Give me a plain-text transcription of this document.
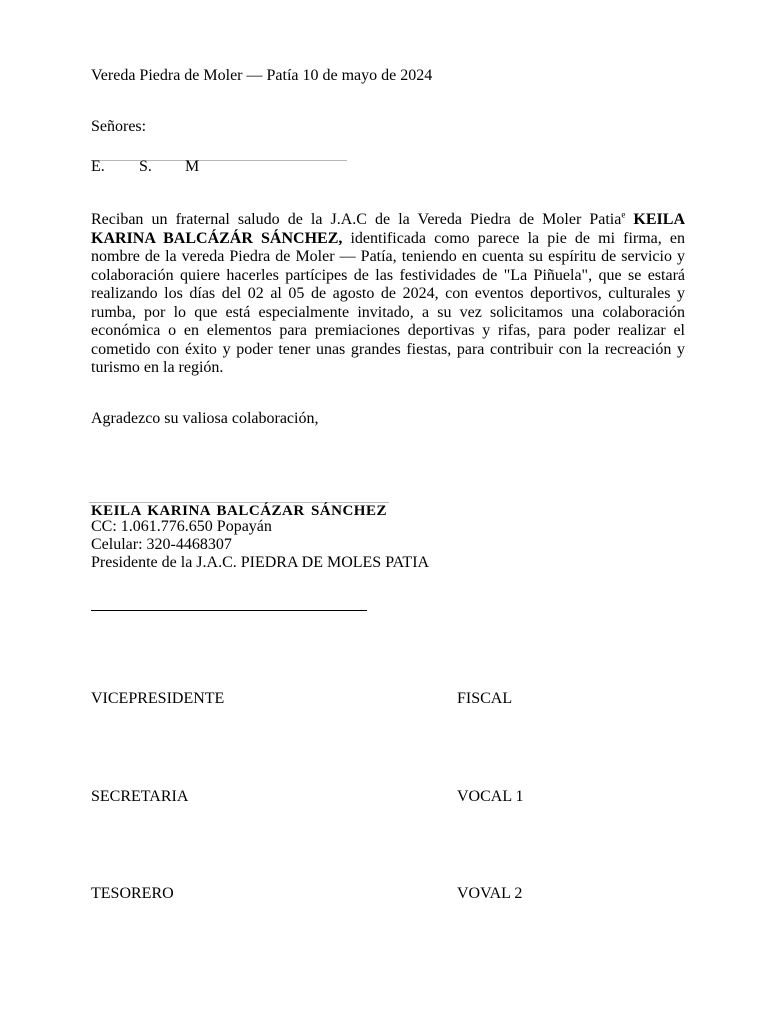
Vereda Piedra de Moler — Patía 10 de mayo de 2024
Señores:
E. S. M
Reciban un fraternal saludo de la J.A.C de la Vereda Piedra de Moler Patia$^e$ KEILA KARINA BALCÁZÁR SÁNCHEZ, identificada como parece la pie de mi firma, en nombre de la vereda Piedra de Moler — Patía, teniendo en cuenta su espíritu de servicio y colaboración quiere hacerles partícipes de las festividades de "La Piñuela", que se estará realizando los días del 02 al 05 de agosto de 2024, con eventos deportivos, culturales y rumba, por lo que está especialmente invitado, a su vez solicitamos una colaboración económica o en elementos para premiaciones deportivas y rifas, para poder realizar el cometido con éxito y poder tener unas grandes fiestas, para contribuir con la recreación y turismo en la región.
Agradezco su valiosa colaboración,
KEILA KARINA BALCÁZAR SÁNCHEZ
CC: 1.061.776.650 Popayán
Celular: 320-4468307
Presidente de la J.A.C. PIEDRA DE MOLES PATIA
VICEPRESIDENTE	FISCAL
SECRETARIA	VOCAL 1
TESORERO	VOVAL 2
